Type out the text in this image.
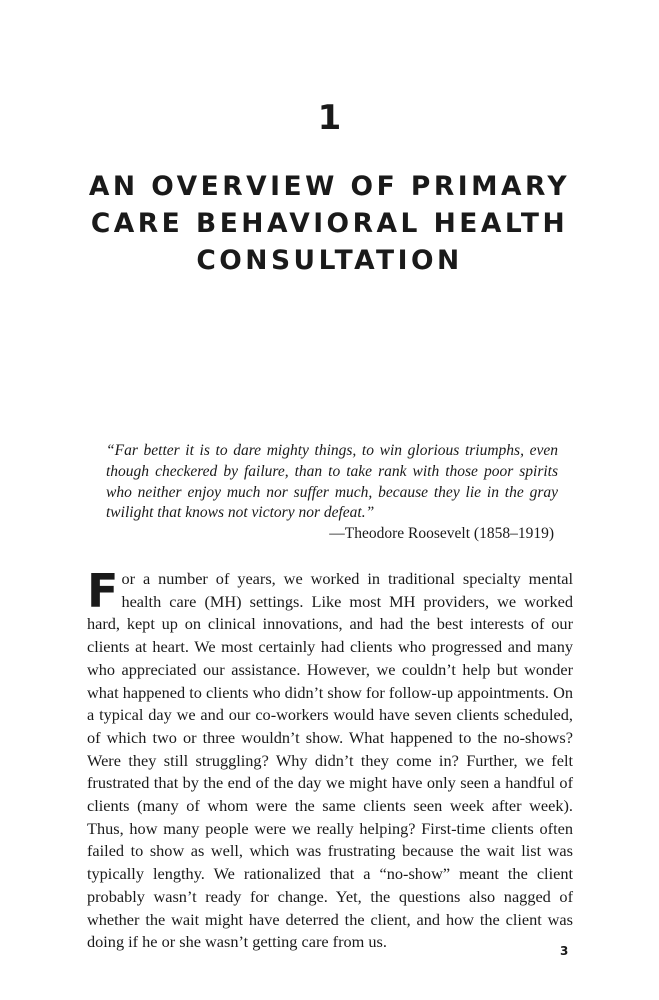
1
AN OVERVIEW OF PRIMARY
CARE BEHAVIORAL HEALTH
CONSULTATION

“Far better it is to dare mighty things, to win glorious triumphs, even though checkered by failure, than to take rank with those poor spirits who neither enjoy much nor suffer much, because they lie in the gray twilight that knows not victory nor defeat.”

—Theodore Roosevelt (1858–1919)

For a number of years, we worked in traditional specialty mental health care (MH) settings. Like most MH providers, we worked hard, kept up on clinical innovations, and had the best interests of our clients at heart. We most certainly had clients who progressed and many who appreciated our assistance. However, we couldn’t help but wonder what happened to clients who didn’t show for follow-up appointments. On a typical day we and our co-workers would have seven clients scheduled, of which two or three wouldn’t show. What happened to the no-shows? Were they still struggling? Why didn’t they come in? Further, we felt frustrated that by the end of the day we might have only seen a handful of clients (many of whom were the same clients seen week after week). Thus, how many people were we really helping? First-time clients often failed to show as well, which was frustrating because the wait list was typically lengthy. We rationalized that a “no-show” meant the client probably wasn’t ready for change. Yet, the questions also nagged of whether the wait might have deterred the client, and how the client was doing if he or she wasn’t getting care from us.	3
